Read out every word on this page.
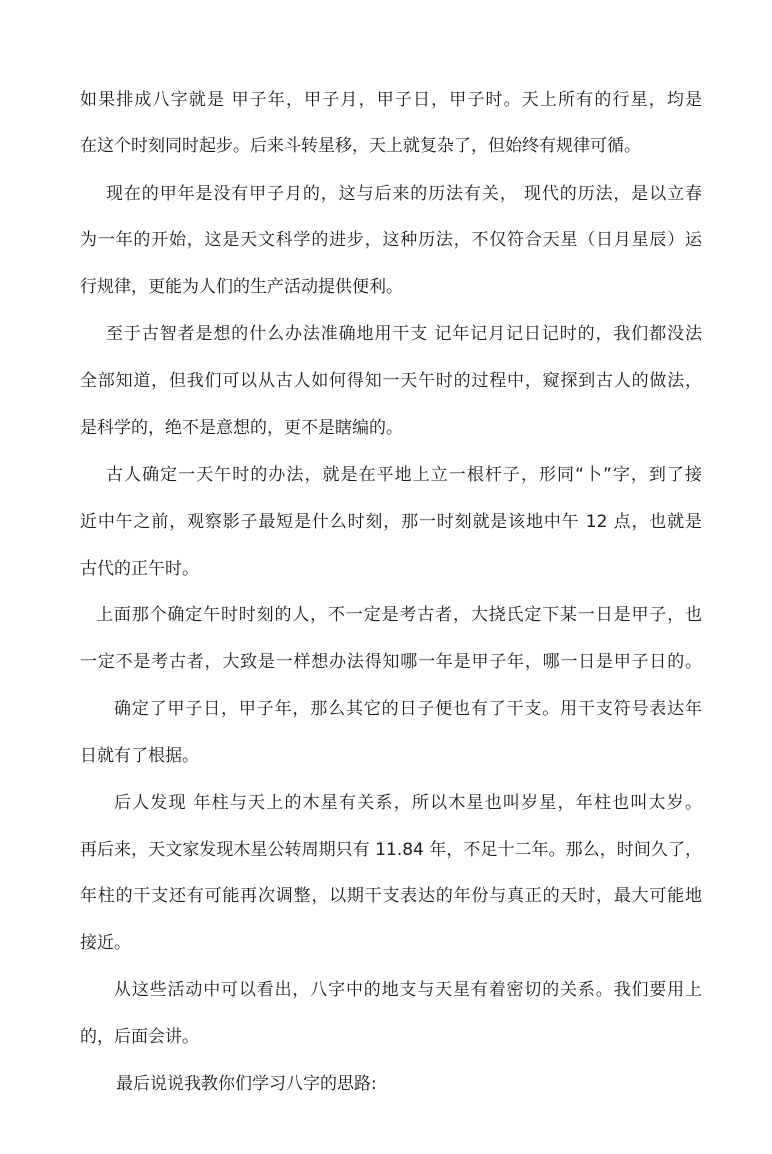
如果排成八字就是 甲子年，甲子月，甲子日，甲子时。天上所有的行星，均是
在这个时刻同时起步。后来斗转星移，天上就复杂了，但始终有规律可循。
现在的甲年是没有甲子月的，这与后来的历法有关， 现代的历法，是以立春
为一年的开始，这是天文科学的进步，这种历法，不仅符合天星（日月星辰）运
行规律，更能为人们的生产活动提供便利。
至于古智者是想的什么办法准确地用干支 记年记月记日记时的，我们都没法
全部知道，但我们可以从古人如何得知一天午时的过程中，窥探到古人的做法，
是科学的，绝不是意想的，更不是瞎编的。
古人确定一天午时的办法，就是在平地上立一根杆子，形同“卜”字，到了接
近中午之前，观察影子最短是什么时刻，那一时刻就是该地中午 12 点，也就是
古代的正午时。
上面那个确定午时时刻的人，不一定是考古者，大挠氏定下某一日是甲子，也
一定不是考古者，大致是一样想办法得知哪一年是甲子年，哪一日是甲子日的。
确定了甲子日，甲子年，那么其它的日子便也有了干支。用干支符号表达年
日就有了根据。
后人发现 年柱与天上的木星有关系，所以木星也叫岁星，年柱也叫太岁。
再后来，天文家发现木星公转周期只有 11.84 年，不足十二年。那么，时间久了，
年柱的干支还有可能再次调整，以期干支表达的年份与真正的天时，最大可能地
接近。
从这些活动中可以看出，八字中的地支与天星有着密切的关系。我们要用上
的，后面会讲。
最后说说我教你们学习八字的思路:
